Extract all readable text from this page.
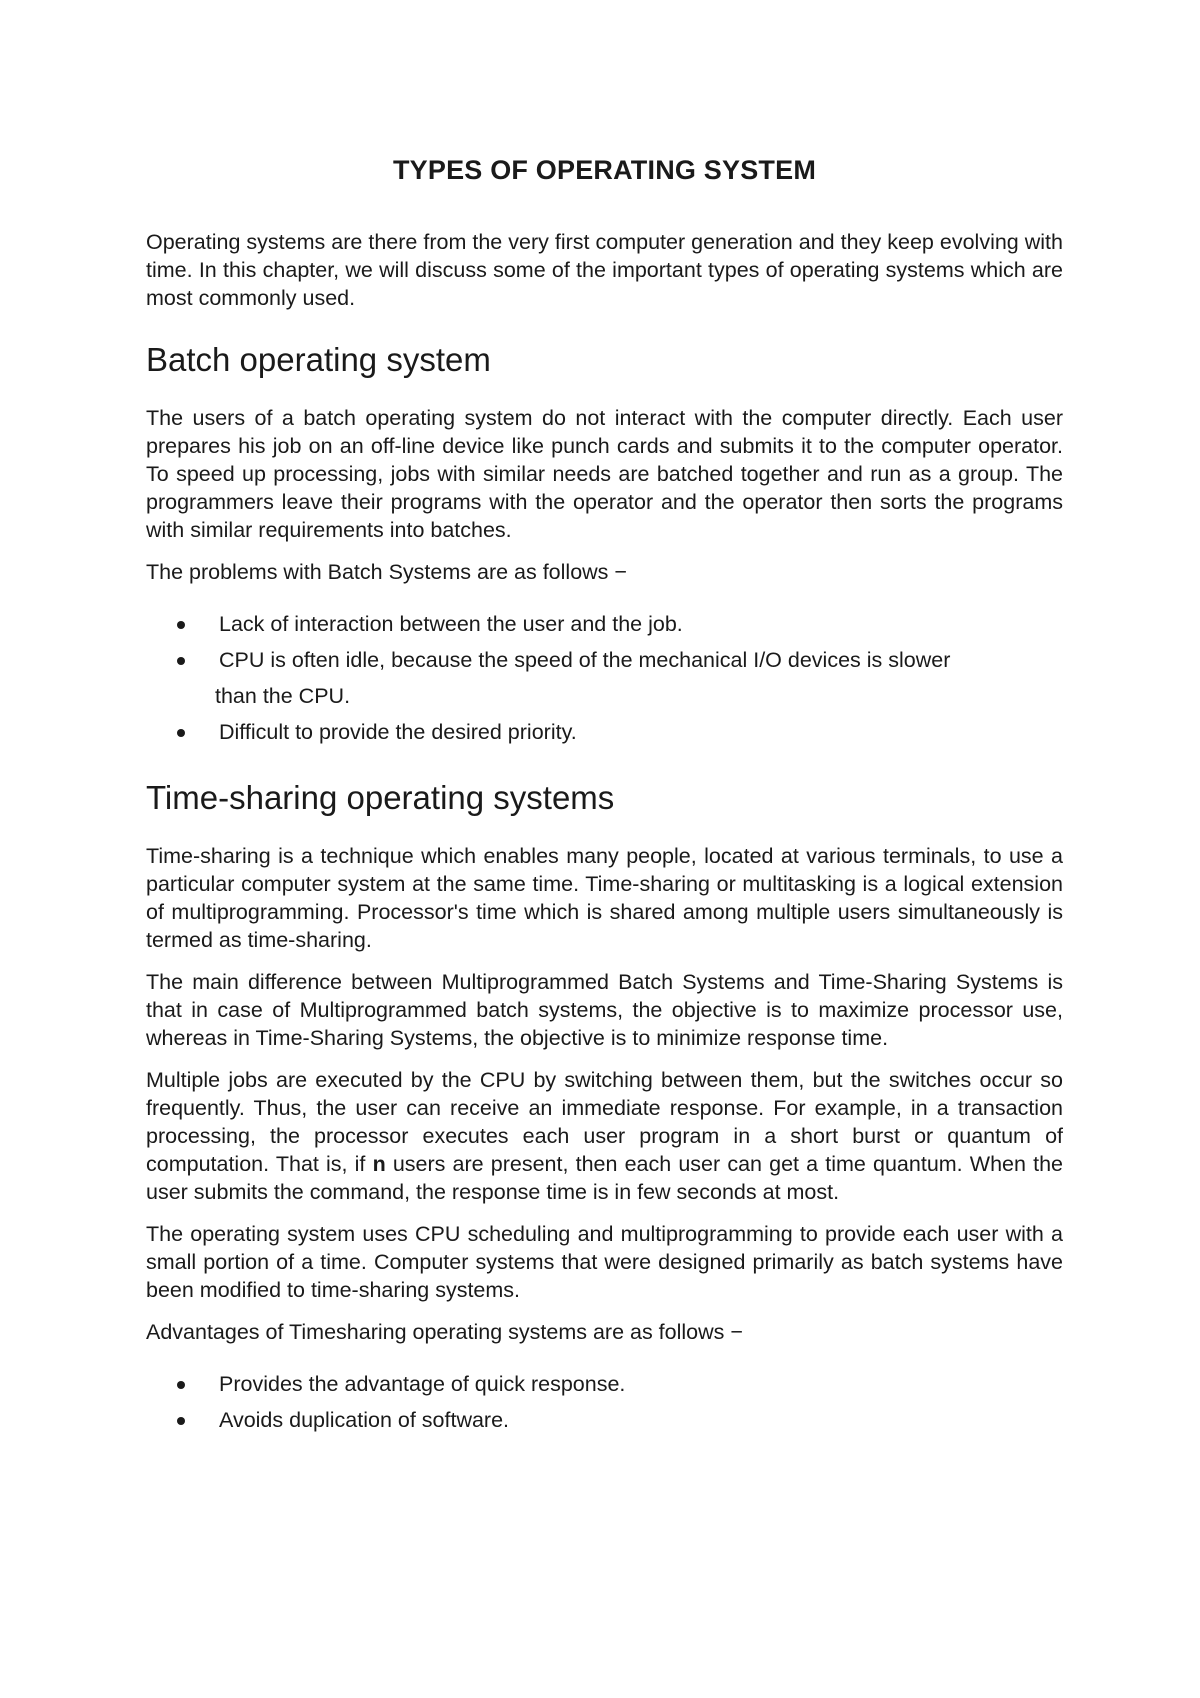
TYPES OF OPERATING SYSTEM

Operating systems are there from the very first computer generation and they keep evolving with time. In this chapter, we will discuss some of the important types of operating systems which are most commonly used.

Batch operating system

The users of a batch operating system do not interact with the computer directly. Each user prepares his job on an off-line device like punch cards and submits it to the computer operator. To speed up processing, jobs with similar needs are batched together and run as a group. The programmers leave their programs with the operator and the operator then sorts the programs with similar requirements into batches.

The problems with Batch Systems are as follows −

Lack of interaction between the user and the job.
CPU is often idle, because the speed of the mechanical I/O devices is slower
than the CPU.
Difficult to provide the desired priority.
Time-sharing operating systems

Time-sharing is a technique which enables many people, located at various terminals, to use a particular computer system at the same time. Time-sharing or multitasking is a logical extension of multiprogramming. Processor's time which is shared among multiple users simultaneously is termed as time-sharing.

The main difference between Multiprogrammed Batch Systems and Time-Sharing Systems is that in case of Multiprogrammed batch systems, the objective is to maximize processor use, whereas in Time-Sharing Systems, the objective is to minimize response time.

Multiple jobs are executed by the CPU by switching between them, but the switches occur so frequently. Thus, the user can receive an immediate response. For example, in a transaction processing, the processor executes each user program in a short burst or quantum of computation. That is, if n users are present, then each user can get a time quantum. When the user submits the command, the response time is in few seconds at most.

The operating system uses CPU scheduling and multiprogramming to provide each user with a small portion of a time. Computer systems that were designed primarily as batch systems have been modified to time-sharing systems.

Advantages of Timesharing operating systems are as follows −

Provides the advantage of quick response.
Avoids duplication of software.
